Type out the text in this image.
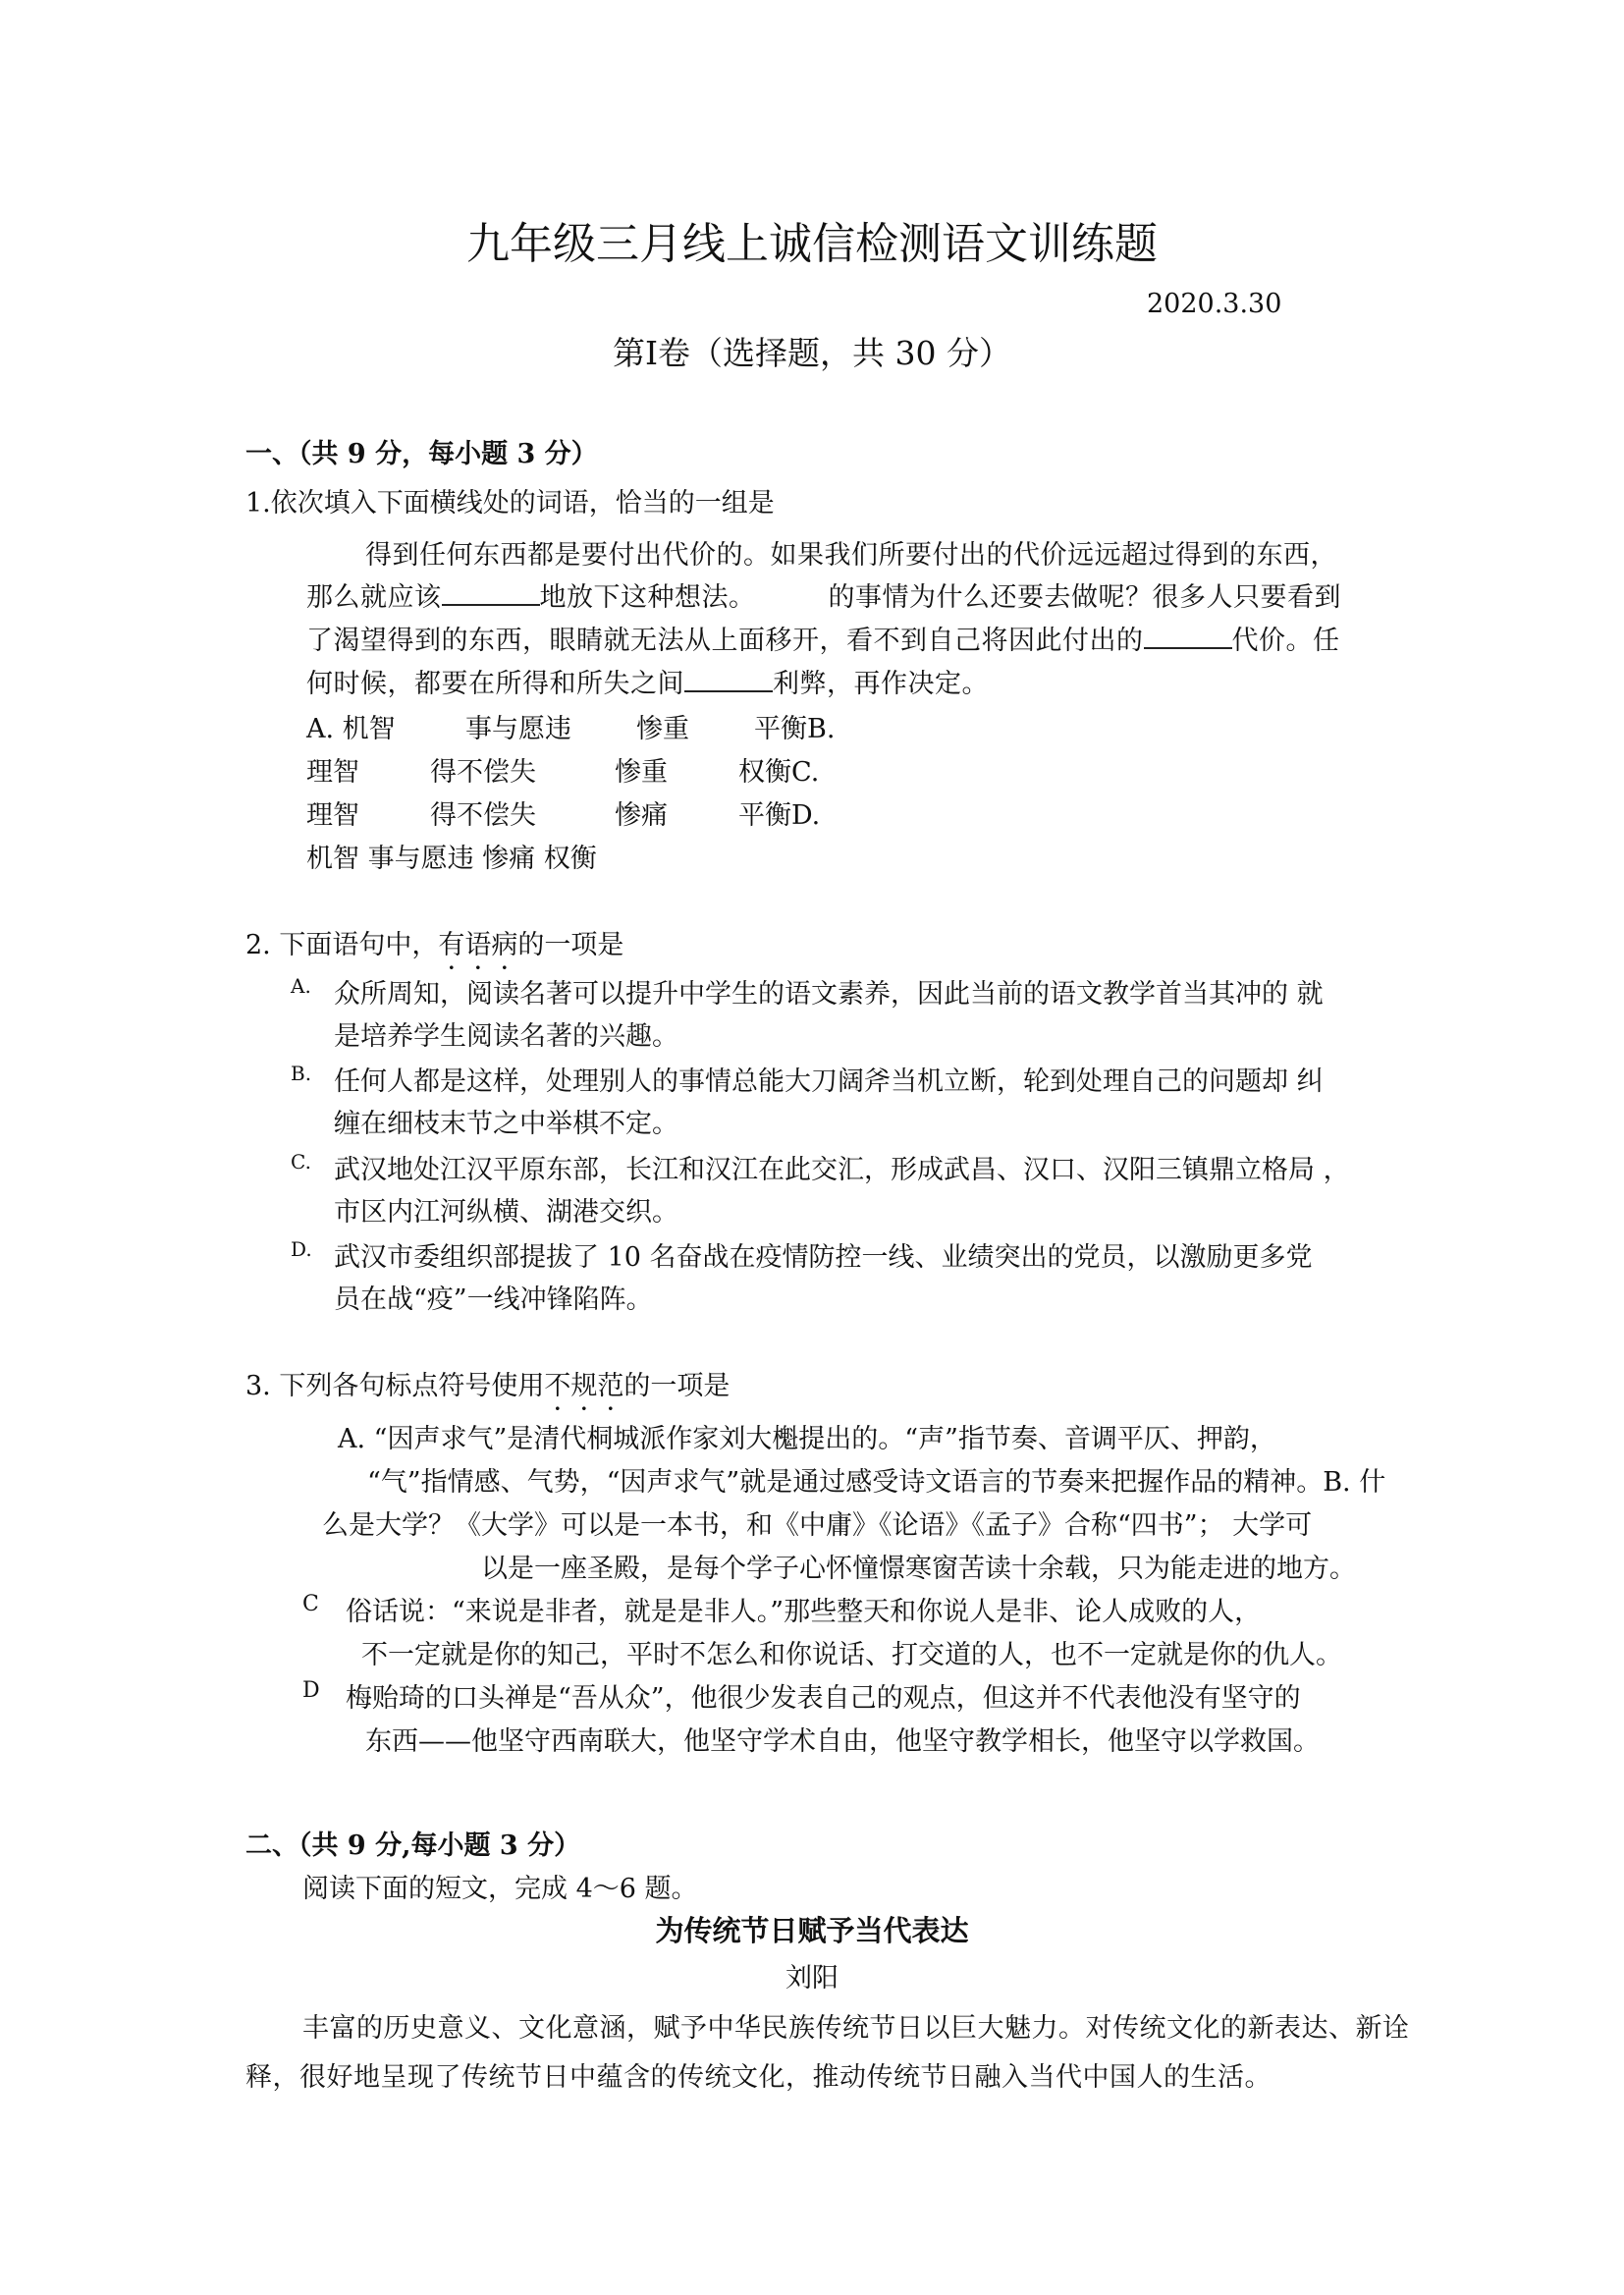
九年级三月线上诚信检测语文训练题
2020.3.30
第Ⅰ卷（选择题，共 30 分）
一、（共 9 分，每小题 3 分）
1.依次填入下面横线处的词语，恰当的一组是
得到任何东西都是要付出代价的。如果我们所要付出的代价远远超过得到的东西，
那么就应该	地放下这种想法。	的事情为什么还要去做呢？很多人只要看到
了渴望得到的东西，眼睛就无法从上面移开，看不到自己将因此付出的	代价。任
何时候，都要在所得和所失之间	利弊，再作决定。
A. 机智	事与愿违 惨重 平衡B.
理智	得不偿失	惨重	权衡C.
理智	得不偿失	惨痛	平衡D.
机智 事与愿违 惨痛 权衡
2. 下面语句中，有语病的一项是
A. 众所周知，阅读名著可以提升中学生的语文素养，因此当前的语文教学首当其冲的 就
是培养学生阅读名著的兴趣。
B. 任何人都是这样，处理别人的事情总能大刀阔斧当机立断，轮到处理自己的问题却 纠
缠在细枝末节之中举棋不定。
C. 武汉地处江汉平原东部，长江和汉江在此交汇，形成武昌、汉口、汉阳三镇鼎立格局 ，
市区内江河纵横、湖港交织。
D. 武汉市委组织部提拔了 10 名奋战在疫情防控一线、业绩突出的党员，以激励更多党
员在战“疫”一线冲锋陷阵。
3. 下列各句标点符号使用不规范的一项是
A. “因声求气”是清代桐城派作家刘大櫆提出的。“声”指节奏、音调平仄、押韵，
“气”指情感、气势，“因声求气”就是通过感受诗文语言的节奏来把握作品的精神。B. 什
么是大学？《大学》可以是一本书，和《中庸》《论语》《孟子》合称“四书”； 大学可
以是一座圣殿，是每个学子心怀憧憬寒窗苦读十余载，只为能走进的地方。
C 俗话说：“来说是非者，就是是非人。”那些整天和你说人是非、论人成败的人，
不一定就是你的知己，平时不怎么和你说话、打交道的人，也不一定就是你的仇人。
D 梅贻琦的口头禅是“吾从众”，他很少发表自己的观点，但这并不代表他没有坚守的
东西——他坚守西南联大，他坚守学术自由，他坚守教学相长，他坚守以学救国。
二、（共 9 分,每小题 3 分）
阅读下面的短文，完成 4～6 题。
为传统节日赋予当代表达
刘阳
丰富的历史意义、文化意涵，赋予中华民族传统节日以巨大魅力。对传统文化的新表达、新诠
释，很好地呈现了传统节日中蕴含的传统文化，推动传统节日融入当代中国人的生活。
